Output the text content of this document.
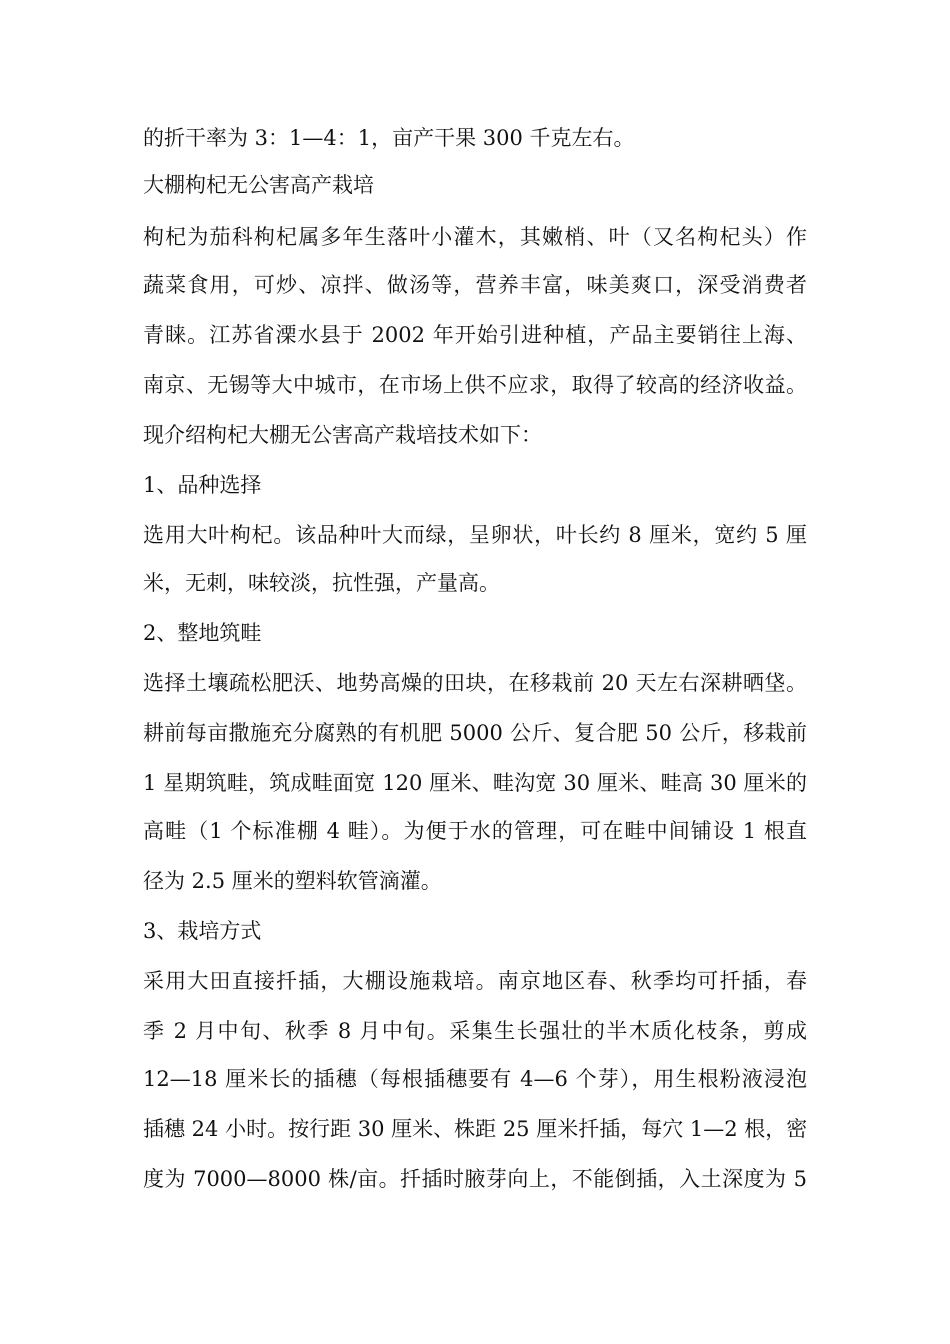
的折干率为 3：1—4：1，亩产干果 300 千克左右。
大棚枸杞无公害高产栽培
枸杞为茄科枸杞属多年生落叶小灌木，其嫩梢、叶（又名枸杞头）作
蔬菜食用，可炒、凉拌、做汤等，营养丰富，味美爽口，深受消费者
青睐。江苏省溧水县于 2002 年开始引进种植，产品主要销往上海、
南京、无锡等大中城市，在市场上供不应求，取得了较高的经济收益。
现介绍枸杞大棚无公害高产栽培技术如下：
1、品种选择
选用大叶枸杞。该品种叶大而绿，呈卵状，叶长约 8 厘米，宽约 5 厘
米，无刺，味较淡，抗性强，产量高。
2、整地筑畦
选择土壤疏松肥沃、地势高燥的田块，在移栽前 20 天左右深耕晒垡。
耕前每亩撒施充分腐熟的有机肥 5000 公斤、复合肥 50 公斤，移栽前
1 星期筑畦，筑成畦面宽 120 厘米、畦沟宽 30 厘米、畦高 30 厘米的
高畦（1 个标准棚 4 畦）。为便于水的管理，可在畦中间铺设 1 根直
径为 2.5 厘米的塑料软管滴灌。
3、栽培方式
采用大田直接扦插，大棚设施栽培。南京地区春、秋季均可扦插，春
季 2 月中旬、秋季 8 月中旬。采集生长强壮的半木质化枝条，剪成
12—18 厘米长的插穗（每根插穗要有 4—6 个芽），用生根粉液浸泡
插穗 24 小时。按行距 30 厘米、株距 25 厘米扦插，每穴 1—2 根，密
度为 7000—8000 株/亩。扦插时腋芽向上，不能倒插，入土深度为 5
